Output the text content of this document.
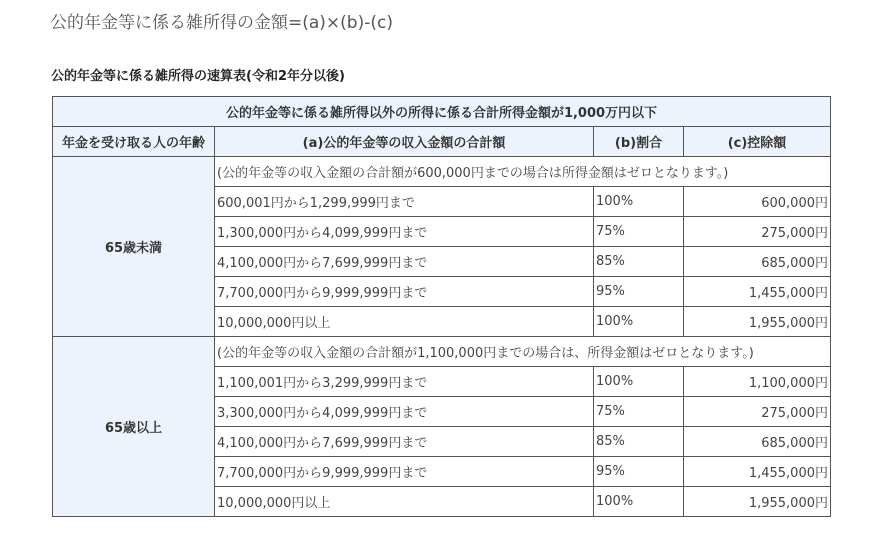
公的年金等に係る雑所得の金額=(a)×(b)-(c)
公的年金等に係る雑所得の速算表(令和2年分以後)
公的年金等に係る雑所得以外の所得に係る合計所得金額が1,000万円以下			
年金を受け取る人の年齢	(a)公的年金等の収入金額の合計額	(b)割合	(c)控除額
65歳未満	(公的年金等の収入金額の合計額が600,000円までの場合は所得金額はゼロとなります。)		
	600,001円から1,299,999円まで	100%	600,000円
	1,300,000円から4,099,999円まで	75%	275,000円
	4,100,000円から7,699,999円まで	85%	685,000円
	7,700,000円から9,999,999円まで	95%	1,455,000円
	10,000,000円以上	100%	1,955,000円
65歳以上	(公的年金等の収入金額の合計額が1,100,000円までの場合は、所得金額はゼロとなります。)		
	1,100,001円から3,299,999円まで	100%	1,100,000円
	3,300,000円から4,099,999円まで	75%	275,000円
	4,100,000円から7,699,999円まで	85%	685,000円
	7,700,000円から9,999,999円まで	95%	1,455,000円
	10,000,000円以上	100%	1,955,000円
